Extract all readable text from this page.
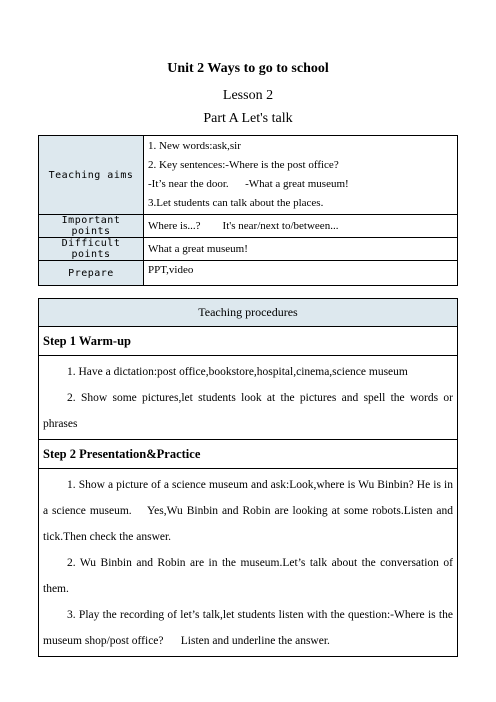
Unit 2 Ways to go to school
Lesson 2
Part A Let's talk
Teaching aims	1. New words:ask,sir
2. Key sentences:-Where is the post office?
-It’s near the door.      -What a great museum!
3.Let students can talk about the places.

Important points	Where is...?        It's near/next to/between...
Difficult points	What a great museum!
Prepare	PPT,video
Teaching procedures
Step 1 Warm-up

1. Have a dictation:post office,bookstore,hospital,cinema,science museum
2. Show some pictures,let students look at the pictures and spell the words or phrases

Step 2 Presentation&Practice

1. Show a picture of a science museum and ask:Look,where is Wu Binbin? He is in a science museum.    Yes,Wu Binbin and Robin are looking at some robots.Listen and tick.Then check the answer.
2. Wu Binbin and Robin are in the museum.Let’s talk about the conversation of them.
3. Play the recording of let’s talk,let students listen with the question:-Where is the museum shop/post office?      Listen and underline the answer.
